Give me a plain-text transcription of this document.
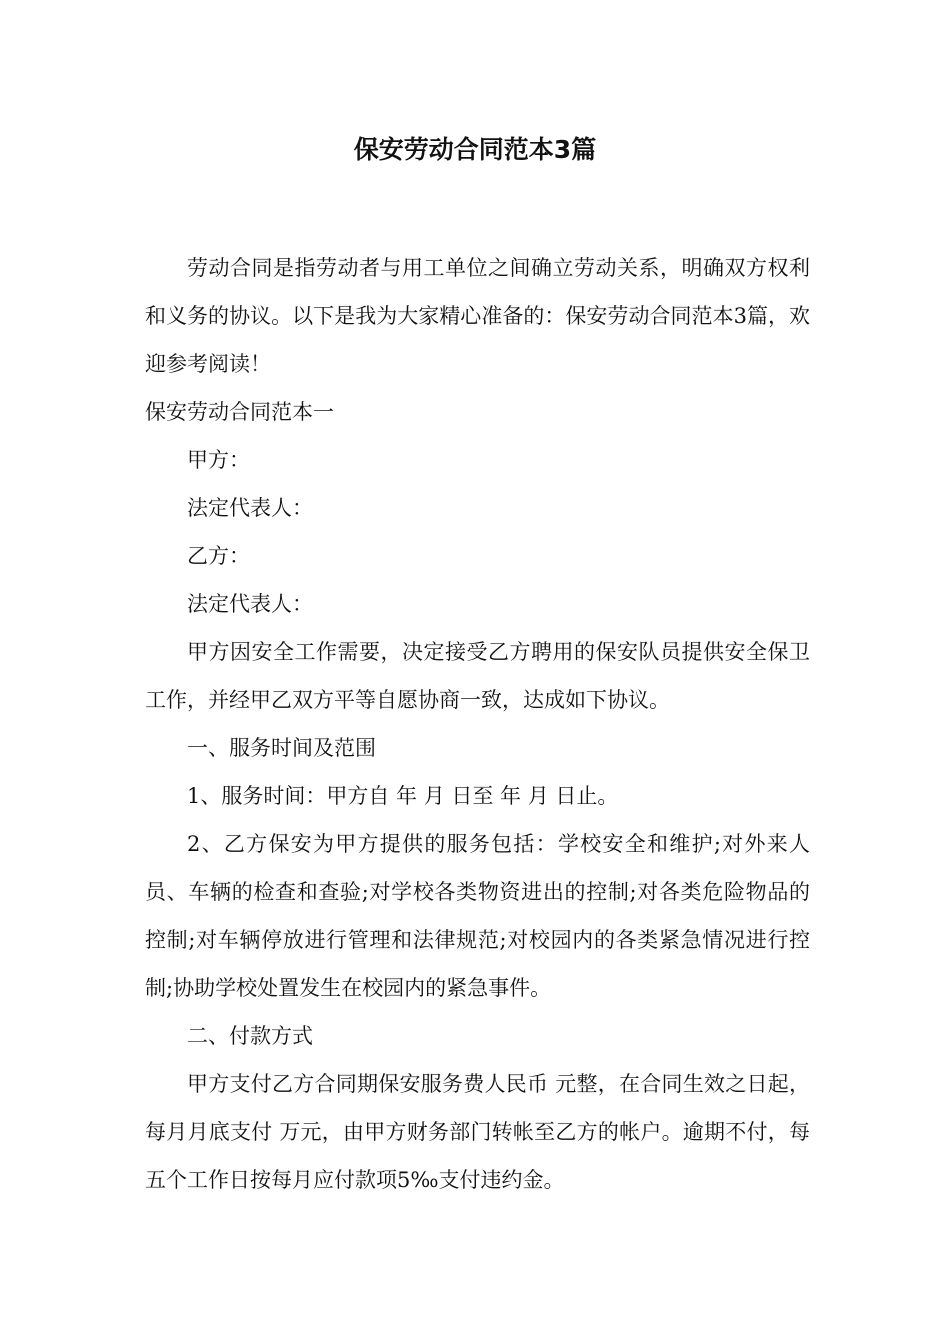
保安劳动合同范本3篇

劳动合同是指劳动者与用工单位之间确立劳动关系，明确双方权利和义务的协议。以下是我为大家精心准备的：保安劳动合同范本3篇，欢迎参考阅读！

保安劳动合同范本一

甲方：

法定代表人：

乙方：

法定代表人：

甲方因安全工作需要，决定接受乙方聘用的保安队员提供安全保卫工作，并经甲乙双方平等自愿协商一致，达成如下协议。

一、服务时间及范围

1、服务时间：甲方自 年 月 日至 年 月 日止。

2、乙方保安为甲方提供的服务包括：学校安全和维护;对外来人员、车辆的检查和查验;对学校各类物资进出的控制;对各类危险物品的控制;对车辆停放进行管理和法律规范;对校园内的各类紧急情况进行控制;协助学校处置发生在校园内的紧急事件。

二、付款方式

甲方支付乙方合同期保安服务费人民币 元整，在合同生效之日起，每月月底支付 万元，由甲方财务部门转帐至乙方的帐户。逾期不付，每五个工作日按每月应付款项5‰支付违约金。
